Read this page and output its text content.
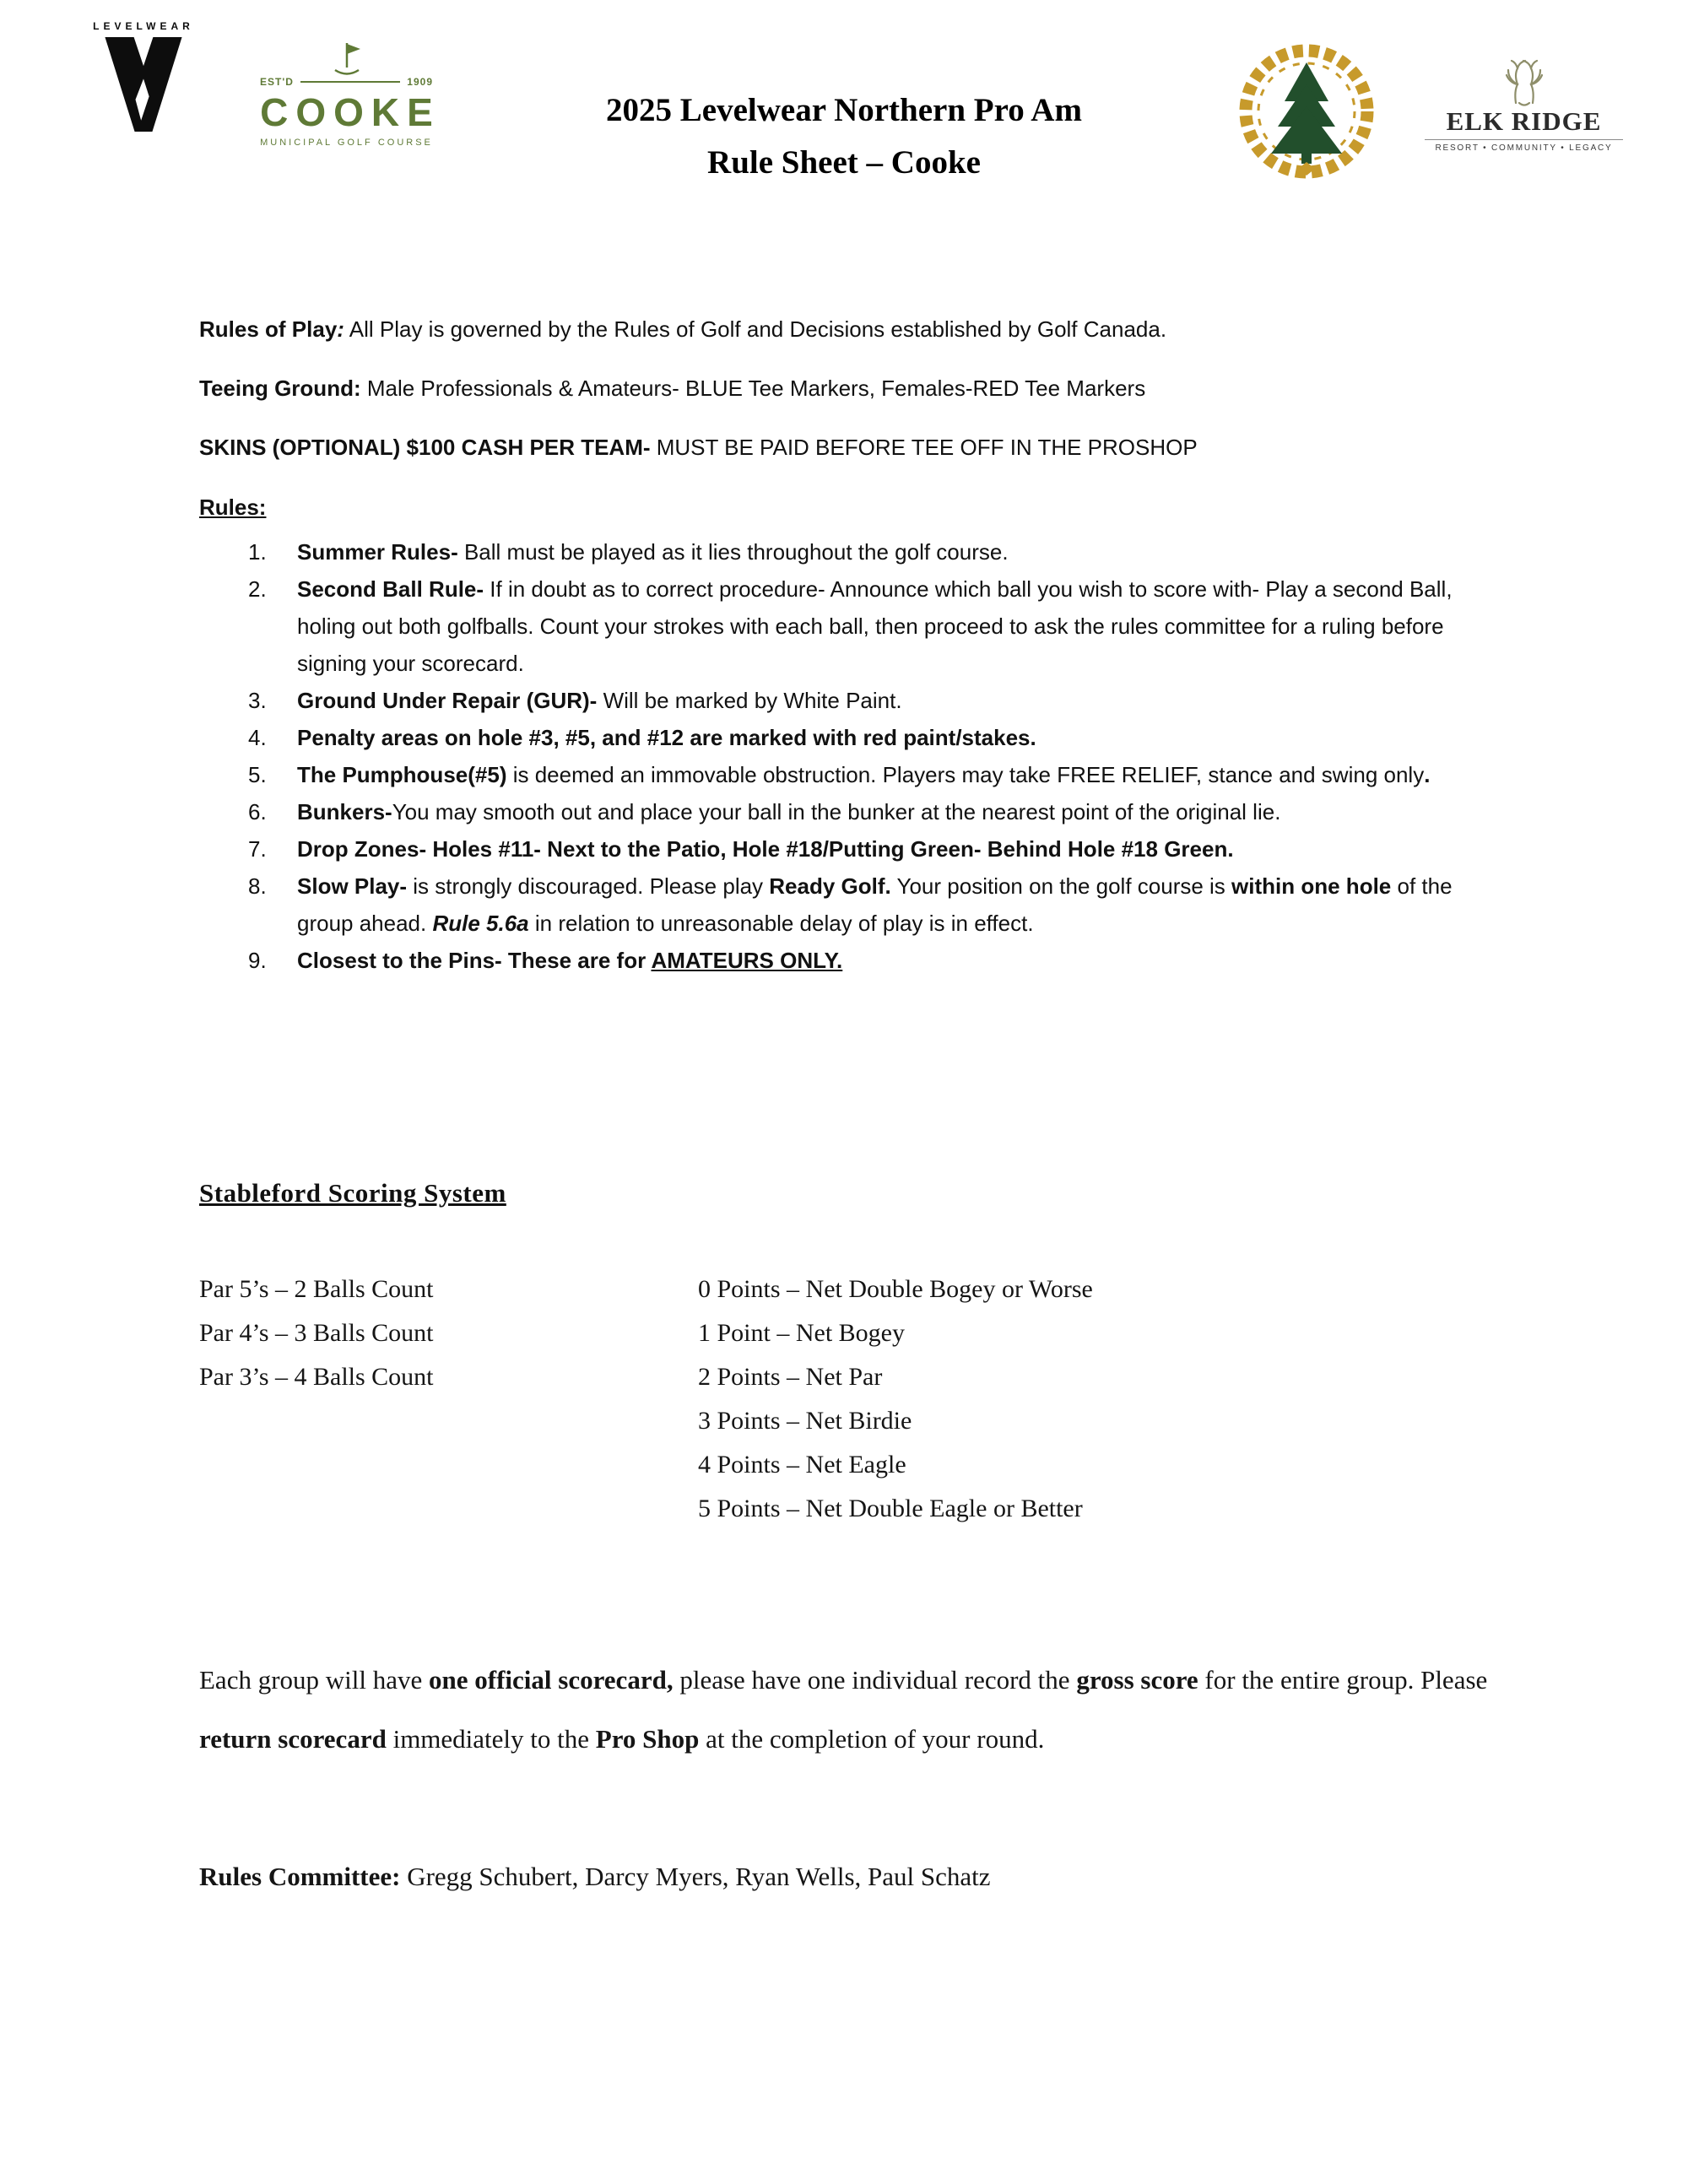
LEVELWEAR
EST'D	1909
COOKE
MUNICIPAL GOLF COURSE
2025 Levelwear Northern Pro Am
Rule Sheet – Cooke
ELK RIDGE
RESORT • COMMUNITY • LEGACY

Rules of Play: All Play is governed by the Rules of Golf and Decisions established by Golf Canada.

Teeing Ground: Male Professionals & Amateurs- BLUE Tee Markers, Females-RED Tee Markers

SKINS (OPTIONAL) $100 CASH PER TEAM- MUST BE PAID BEFORE TEE OFF IN THE PROSHOP

Rules:
1.	Summer Rules- Ball must be played as it lies throughout the golf course.
2.	Second Ball Rule- If in doubt as to correct procedure- Announce which ball you wish to score with- Play a second Ball, holing out both golfballs. Count your strokes with each ball, then proceed to ask the rules committee for a ruling before signing your scorecard.
3.	Ground Under Repair (GUR)- Will be marked by White Paint.
4.	Penalty areas on hole #3, #5, and #12 are marked with red paint/stakes.
5.	The Pumphouse(#5) is deemed an immovable obstruction. Players may take FREE RELIEF, stance and swing only.
6.	Bunkers-You may smooth out and place your ball in the bunker at the nearest point of the original lie.
7.	Drop Zones- Holes #11- Next to the Patio, Hole #18/Putting Green- Behind Hole #18 Green.
8.	Slow Play- is strongly discouraged. Please play Ready Golf. Your position on the golf course is within one hole of the group ahead. Rule 5.6a in relation to unreasonable delay of play is in effect.
9.	Closest to the Pins- These are for AMATEURS ONLY.
Stableford Scoring System
Par 5’s – 2 Balls Count
Par 4’s – 3 Balls Count
Par 3’s – 4 Balls Count
0 Points – Net Double Bogey or Worse
1 Point – Net Bogey
2 Points – Net Par
3 Points – Net Birdie
4 Points – Net Eagle
5 Points – Net Double Eagle or Better

Each group will have one official scorecard, please have one individual record the gross score for the entire group. Please return scorecard immediately to the Pro Shop at the completion of your round.

Rules Committee: Gregg Schubert, Darcy Myers, Ryan Wells, Paul Schatz
